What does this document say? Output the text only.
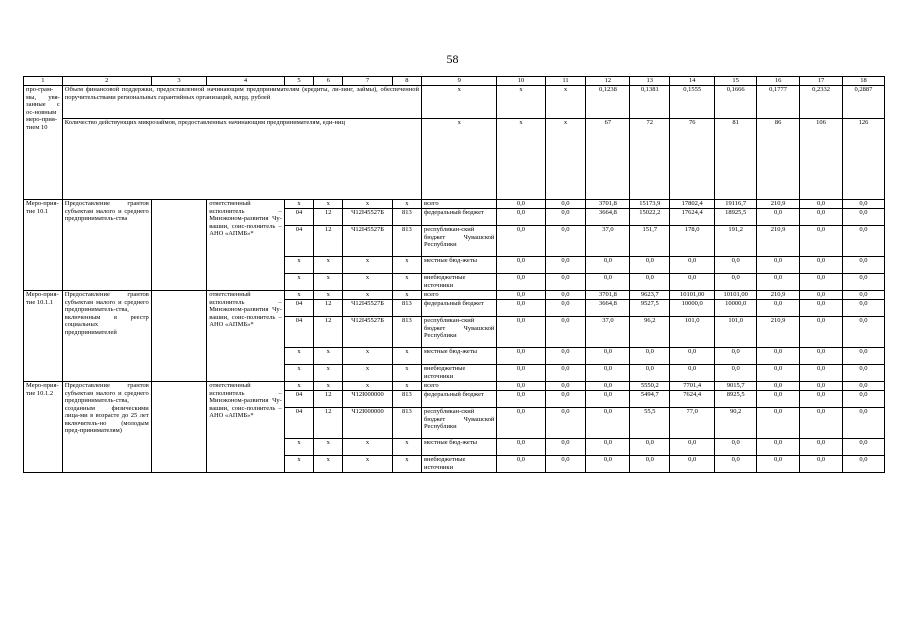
58
1	2	3	4	5	6	7	8	9	10	11	12	13	14	15	16	17	18
про-грам-мы, увя-занные с ос-новным меро-прия-тием 10	Объем финансовой поддержки, предоставленной начинающим предпринимателям (кредиты, ли-зинг, займы), обеспеченной поручительствами региональных гарантийных организаций, млрд. рублей							x	x	x	0,1238	0,1381	0,1555	0,1666	0,1777	0,2332	0,2887
	Количество действующих микрозаймов, предоставленных начинающим предпринимателям, еди-ниц							x	x	x	67	72	76	81	86	106	126
Меро-прия-тие 10.1	Предоставление грантов субъектам малого и среднего предприниматель-ства		ответственный исполнитель – Минэконом-развития Чу-вашии, соис-полнитель – АНО «АПМБ»*	x	x	x	x	всего	0,0	0,0	3701,8	15173,9	17802,4	19116,7	210,9	0,0	0,0
				04	12	Ч12I45527Б	813	федеральный бюджет	0,0	0,0	3664,8	15022,2	17624,4	18925,5	0,0	0,0	0,0
				04	12	Ч12I45527Б	813	республикан-ский бюджет Чувашской Республики	0,0	0,0	37,0	151,7	178,0	191,2	210,9	0,0	0,0
				x	x	x	x	местные бюд-жеты	0,0	0,0	0,0	0,0	0,0	0,0	0,0	0,0	0,0
				x	x	x	x	внебюджетные источники	0,0	0,0	0,0	0,0	0,0	0,0	0,0	0,0	0,0
Меро-прия-тие 10.1.1	Предоставление грантов субъектам малого и среднего предприниматель-ства, включенным в реестр социальных предпринимателей		ответственный исполнитель – Минэконом-развития Чу-вашии, соис-полнитель – АНО «АПМБ»*	x	x	x	x	всего	0,0	0,0	3701,8	9623,7	10101,00	10101,00	210,9	0,0	0,0
				04	12	Ч12I45527Б	813	федеральный бюджет	0,0	0,0	3664,8	9527,5	10000,0	10000,0	0,0	0,0	0,0
				04	12	Ч12I45527Б	813	республикан-ский бюджет Чувашской Республики	0,0	0,0	37,0	96,2	101,0	101,0	210,9	0,0	0,0
				x	x	x	x	местные бюд-жеты	0,0	0,0	0,0	0,0	0,0	0,0	0,0	0,0	0,0
				x	x	x	x	внебюджетные источники	0,0	0,0	0,0	0,0	0,0	0,0	0,0	0,0	0,0
Меро-прия-тие 10.1.2	Предоставление грантов субъектам малого и среднего предприниматель-ства, созданным физическими лица-ми в возрасте до 25 лет включитель-но (молодым пред-принимателям)		ответственный исполнитель – Минэконом-развития Чу-вашии, соис-полнитель – АНО «АПМБ»*	x	x	x	x	всего	0,0	0,0	0,0	5550,2	7701,4	9015,7	0,0	0,0	0,0
				04	12	Ч12I000000	813	федеральный бюджет	0,0	0,0	0,0	5494,7	7624,4	8925,5	0,0	0,0	0,0
				04	12	Ч12I000000	813	республикан-ский бюджет Чувашской Республики	0,0	0,0	0,0	55,5	77,0	90,2	0,0	0,0	0,0
				x	x	x	x	местные бюд-жеты	0,0	0,0	0,0	0,0	0,0	0,0	0,0	0,0	0,0
				x	x	x	x	внебюджетные источники	0,0	0,0	0,0	0,0	0,0	0,0	0,0	0,0	0,0
